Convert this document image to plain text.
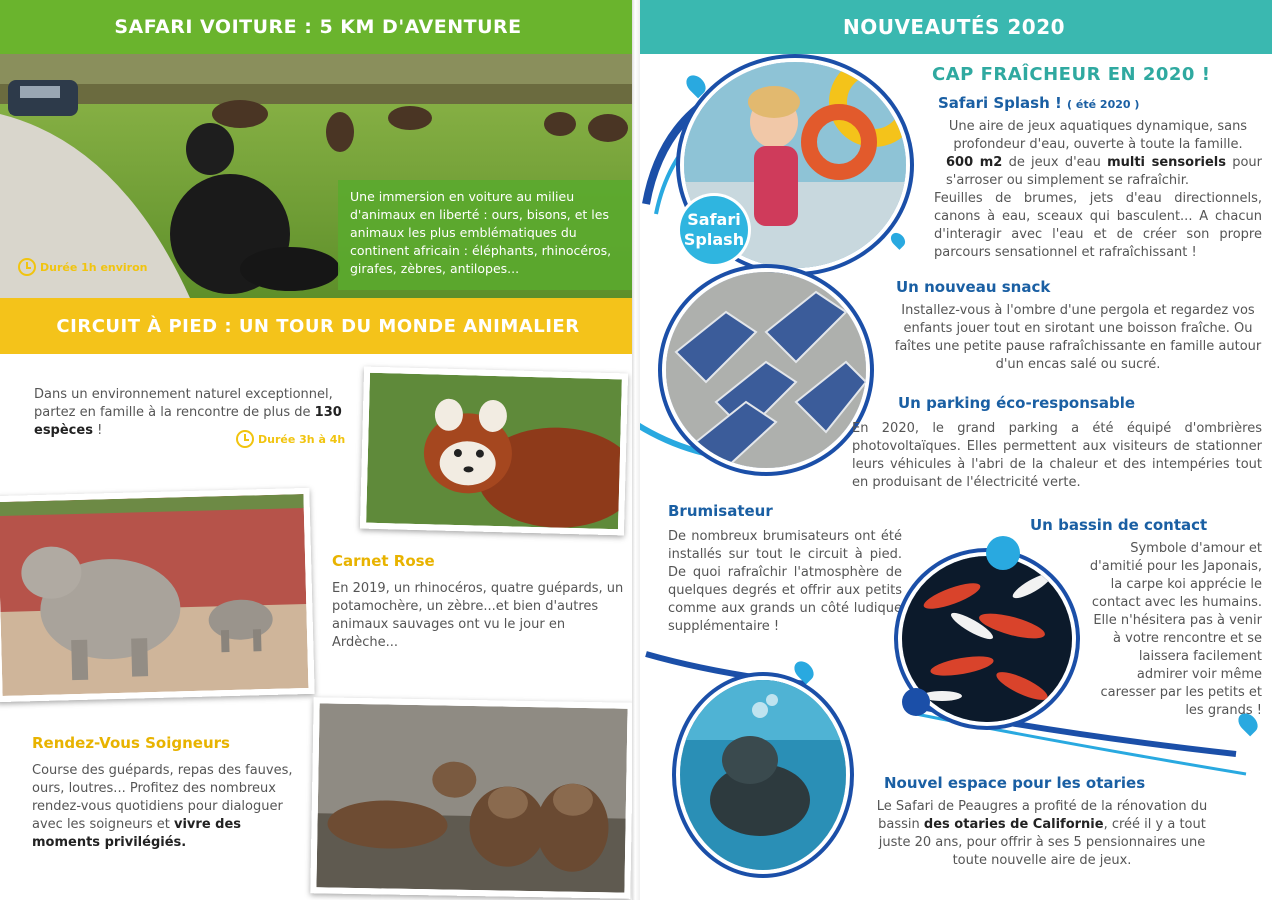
SAFARI VOITURE : 5 KM D'AVENTURE
Une immersion en voiture au milieu d'animaux en liberté : ours, bisons, et les animaux les plus emblématiques du continent africain : éléphants, rhinocéros, girafes, zèbres, antilopes...
Durée 1h environ
CIRCUIT À PIED : UN TOUR DU MONDE ANIMALIER
Dans un environnement naturel exceptionnel, partez en famille à la rencontre de plus de 130 espèces !
Durée 3h à 4h
Carnet Rose
En 2019, un rhinocéros, quatre guépards, un potamochère, un zèbre...et bien d'autres animaux sauvages ont vu le jour en Ardèche...
Rendez-Vous Soigneurs
Course des guépards, repas des fauves, ours, loutres... Profitez des nombreux rendez-vous quotidiens pour dialoguer avec les soigneurs et vivre des moments privilégiés.
NOUVEAUTÉS 2020
Safari
Splash
CAP FRAÎCHEUR EN 2020 !
Safari Splash ! ( été 2020 )
Une aire de jeux aquatiques dynamique, sans profondeur d'eau, ouverte à toute la famille.
600 m2 de jeux d'eau multi sensoriels pour s'arroser ou simplement se rafraîchir.
Feuilles de brumes, jets d'eau directionnels, canons à eau, sceaux qui basculent... A chacun d'interagir avec l'eau et de créer son propre parcours sensationnel et rafraîchissant !
Un nouveau snack
Installez-vous à l'ombre d'une pergola et regardez vos enfants jouer tout en sirotant une boisson fraîche. Ou faîtes une petite pause rafraîchissante en famille autour d'un encas salé ou sucré.
Un parking éco-responsable
En 2020, le grand parking a été équipé d'ombrières photovoltaïques. Elles permettent aux visiteurs de stationner leurs véhicules à l'abri de la chaleur et des intempéries tout en produisant de l'électricité verte.
Brumisateur
De nombreux brumisateurs ont été installés sur tout le circuit à pied. De quoi rafraîchir l'atmosphère de quelques degrés et offrir aux petits comme aux grands un côté ludique supplémentaire !
Un bassin de contact
Symbole d'amour et d'amitié pour les Japonais, la carpe koi apprécie le contact avec les humains. Elle n'hésitera pas à venir à votre rencontre et se laissera facilement admirer voir même caresser par les petits et les grands !
Nouvel espace pour les otaries
Le Safari de Peaugres a profité de la rénovation du bassin des otaries de Californie, créé il y a tout juste 20 ans, pour offrir à ses 5 pensionnaires une toute nouvelle aire de jeux.
